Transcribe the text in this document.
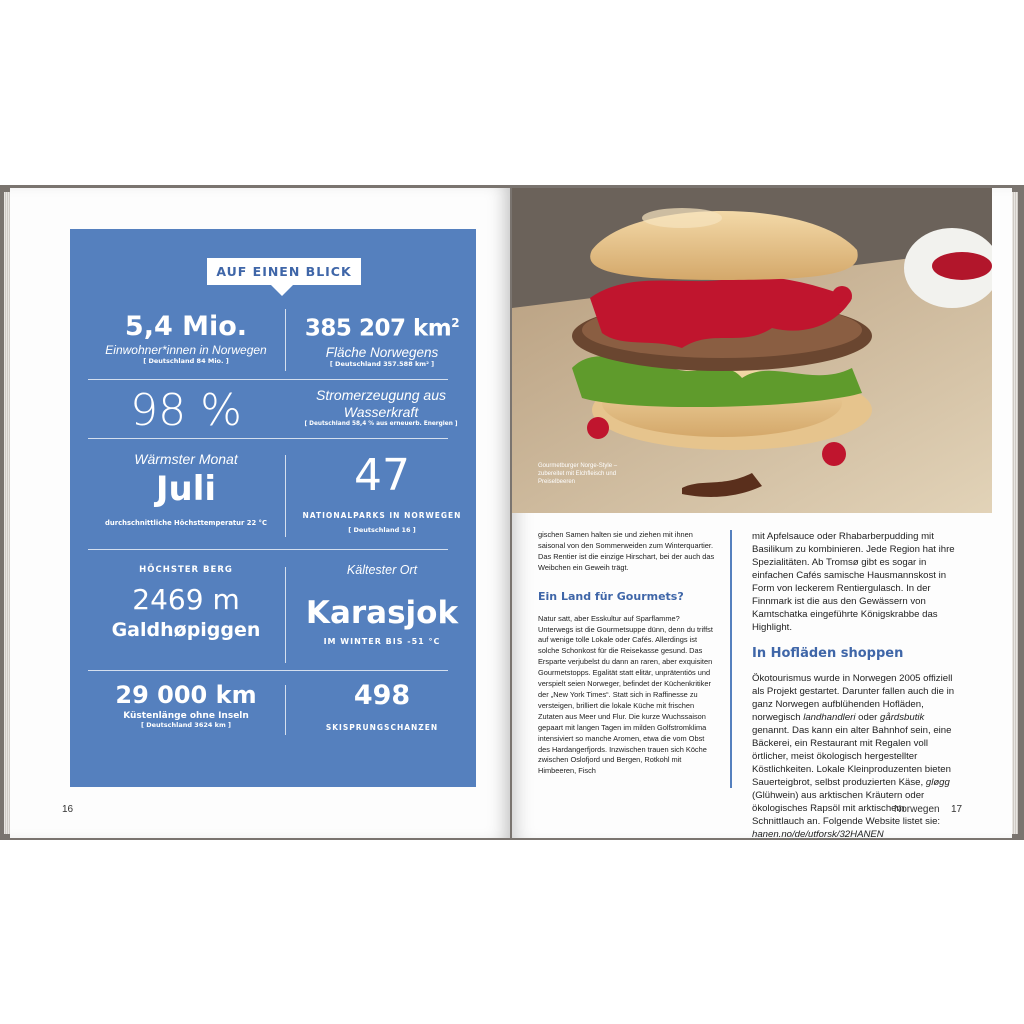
AUF EINEN BLICK
5,4 Mio.
Einwohner*innen in Norwegen
[ Deutschland 84 Mio. ]
385 207 $km^2$
Fläche Norwegens
[ Deutschland 357.588 km² ]
98 %	Stromerzeugung aus Wasserkraft
[ Deutschland 58,4 % aus erneuerb. Energien ]
Wärmster Monat
Juli
durchschnittliche Höchsttemperatur 22 °C
47
NATIONALPARKS IN NORWEGEN
[ Deutschland 16 ]
HÖCHSTER BERG
2469 m
Galdhøpiggen
Kältester Ort
Karasjok
IM WINTER BIS -51 °C
29 000 km
Küstenlänge ohne Inseln
[ Deutschland 3624 km ]
498
SKISPRUNGSCHANZEN
16
Gourmetburger Norge-Style – zubereitet mit Elchfleisch und Preiselbeeren

gischen Samen halten sie und ziehen mit ihnen saisonal von den Sommerweiden zum Winterquartier. Das Rentier ist die einzige Hirschart, bei der auch das Weibchen ein Geweih trägt.

Ein Land für Gourmets?

Natur satt, aber Esskultur auf Sparflamme? Unterwegs ist die Gourmetsuppe dünn, denn du triffst auf wenige tolle Lokale oder Cafés. Allerdings ist solche Schonkost für die Reisekasse gesund. Das Ersparte verjubelst du dann an raren, aber exquisiten Gourmetstopps. Egalität statt elitär, unprätentiös und verspielt seien Norweger, befindet der Küchenkritiker der „New York Times“. Statt sich in Raffinesse zu versteigen, brilliert die lokale Küche mit frischen Zutaten aus Meer und Flur. Die kurze Wuchssaison gepaart mit langen Tagen im milden Golfstromklima intensiviert so manche Aromen, etwa die vom Obst des Hardangerfjords. Inzwischen trauen sich Köche zwischen Oslofjord und Bergen, Rotkohl mit Himbeeren, Fisch

mit Apfelsauce oder Rhabarberpudding mit Basilikum zu kombinieren. Jede Region hat ihre Spezialitäten. Ab Tromsø gibt es sogar in einfachen Cafés samische Hausmannskost in Form von leckerem Rentiergulasch. In der Finnmark ist die aus den Gewässern von Kamtschatka eingeführte Königskrabbe das Highlight.

In Hofläden shoppen

Ökotourismus wurde in Norwegen 2005 offiziell als Projekt gestartet. Darunter fallen auch die in ganz Norwegen aufblühenden Hofläden, norwegisch landhandleri oder gårdsbutik genannt. Das kann ein alter Bahnhof sein, eine Bäckerei, ein Restaurant mit Regalen voll örtlicher, meist ökologisch hergestellter Köstlichkeiten. Lokale Kleinproduzenten bieten Sauerteigbrot, selbst produzierten Käse, gløgg (Glühwein) aus arktischen Kräutern oder ökologisches Rapsöl mit arktischem Schnittlauch an. Folgende Website listet sie: hanen.no/de/utforsk/32HANEN

Norwegen 17
